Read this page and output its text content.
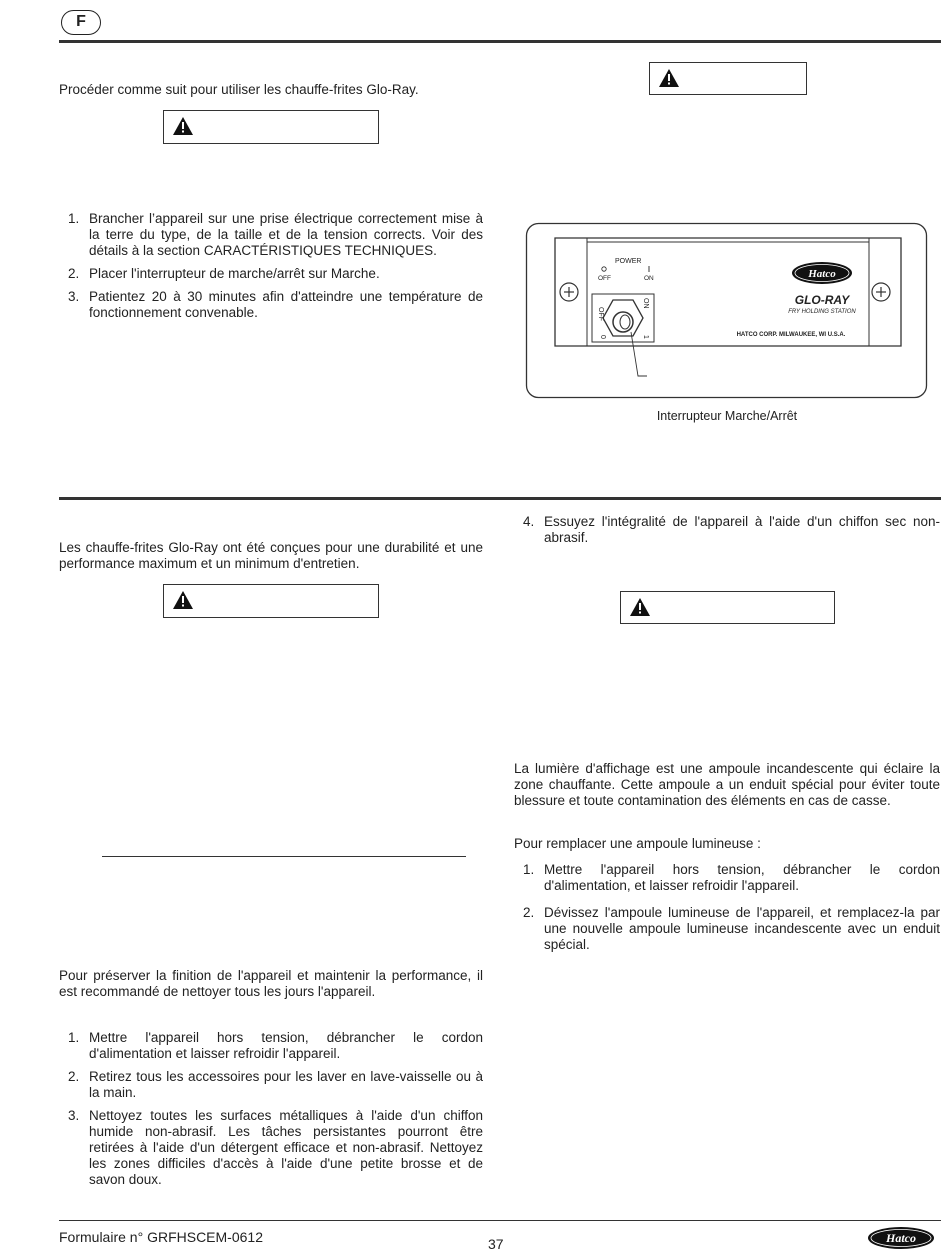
F
Procéder comme suit pour utiliser les chauffe-frites Glo-Ray.
1. Brancher l’appareil sur une prise électrique correctement mise à la terre du type, de la taille et de la tension corrects. Voir des détails à la section CARACTÉRISTIQUES TECHNIQUES.
2. Placer l'interrupteur de marche/arrêt sur Marche.
3. Patientez 20 à 30 minutes afin d'atteindre une température de fonctionnement convenable.
POWER
OFF	ON
OFF
ON
0	1
Hatco
GLO-RAY
FRY HOLDING STATION
HATCO CORP. MILWAUKEE, WI U.S.A.
Interrupteur Marche/Arrêt
Les chauffe-frites Glo-Ray ont été conçues pour une durabilité et une performance maximum et un minimum d'entretien.
Pour préserver la finition de l'appareil et maintenir la performance, il est recommandé de nettoyer tous les jours l'appareil.
1. Mettre l'appareil hors tension, débrancher le cordon d'alimentation et laisser refroidir l'appareil.
2. Retirez tous les accessoires pour les laver en lave-vaisselle ou à la main.
3. Nettoyez toutes les surfaces métalliques à l'aide d'un chiffon humide non-abrasif. Les tâches persistantes pourront être retirées à l'aide d'un détergent efficace et non-abrasif. Nettoyez les zones difficiles d'accès à l'aide d'une petite brosse et de savon doux.
4. Essuyez l'intégralité de l'appareil à l'aide d'un chiffon sec non-abrasif.
La lumière d'affichage est une ampoule incandescente qui éclaire la zone chauffante. Cette ampoule a un enduit spécial pour éviter toute blessure et toute contamination des éléments en cas de casse.
Pour remplacer une ampoule lumineuse :
1. Mettre l'appareil hors tension, débrancher le cordon d'alimentation, et laisser refroidir l'appareil.
2. Dévissez l'ampoule lumineuse de l'appareil, et remplacez-la par une nouvelle ampoule lumineuse incandescente avec un enduit spécial.
Formulaire n° GRFHSCEM-0612	37	Hatco
